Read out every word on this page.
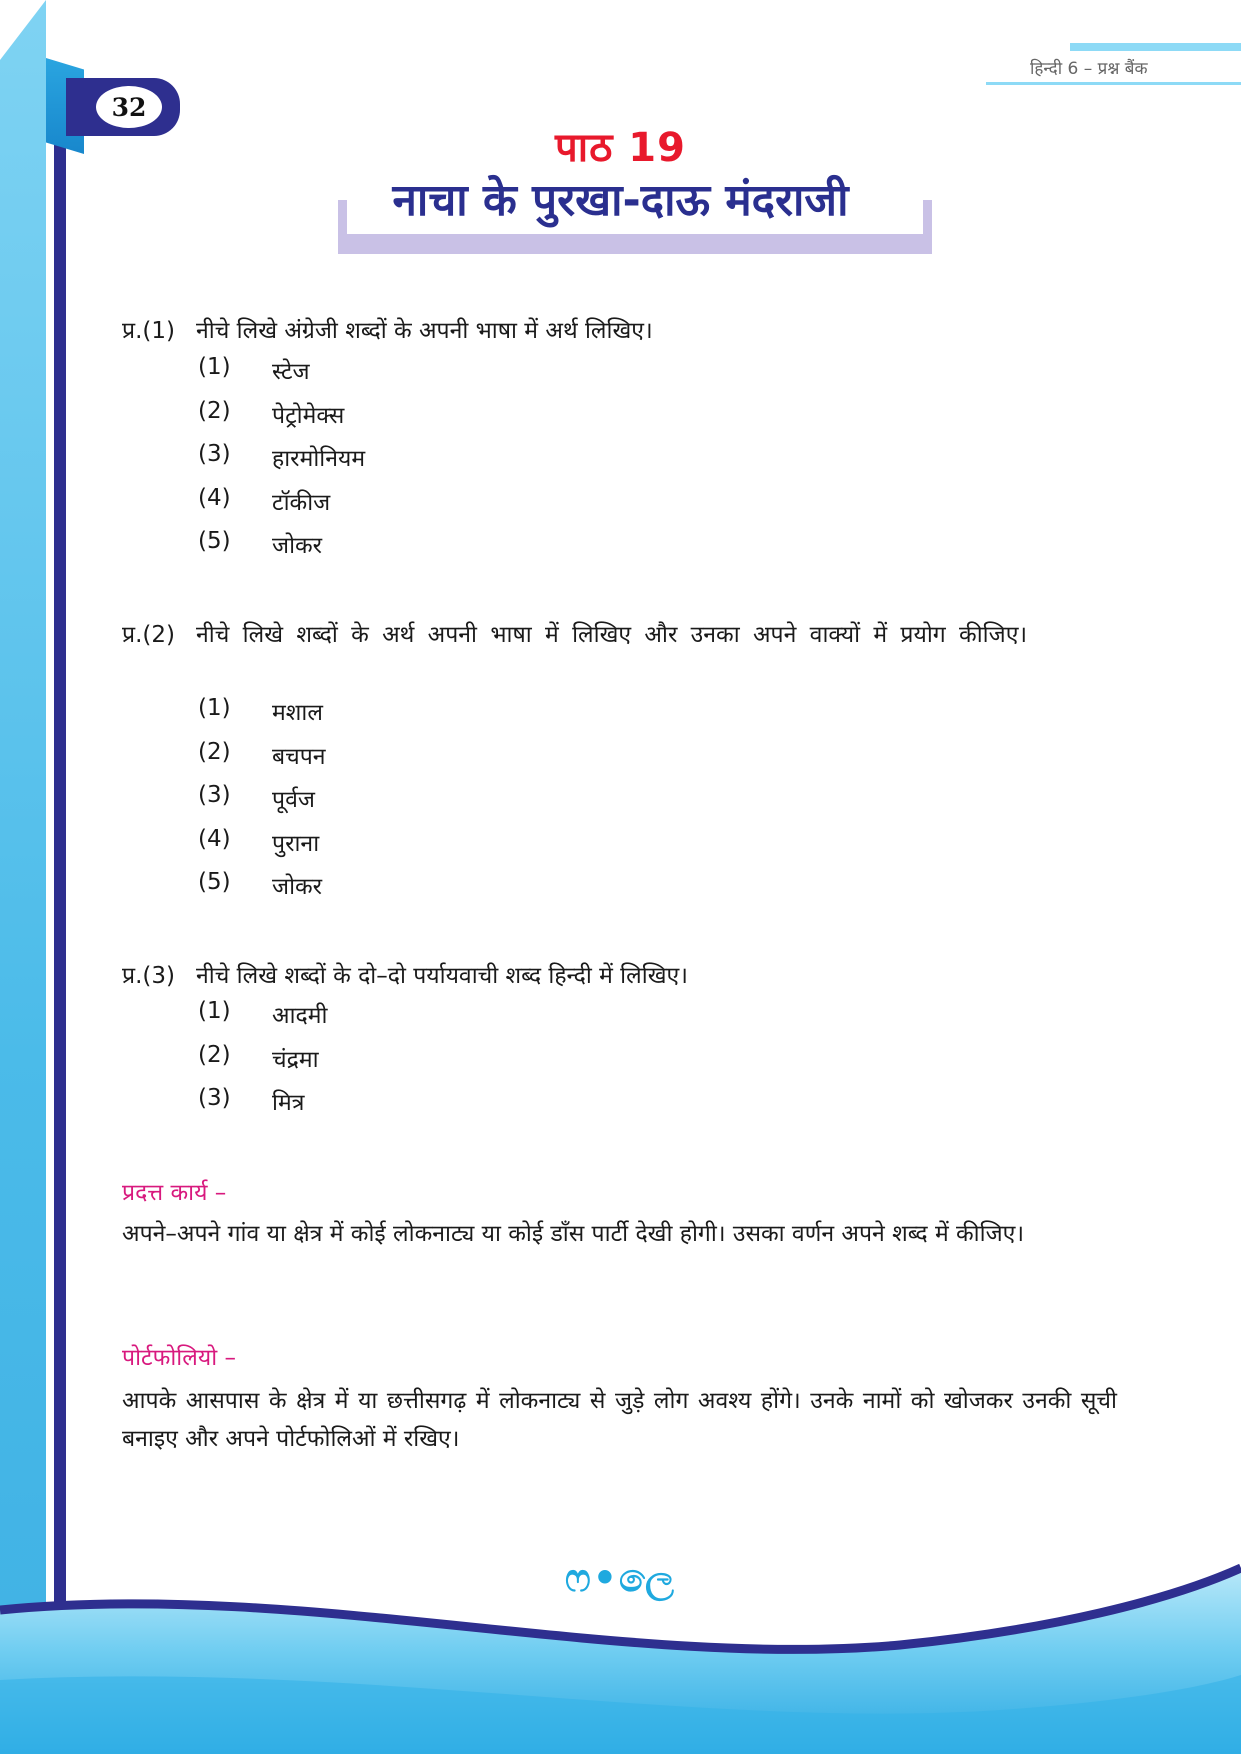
32
हिन्दी 6 – प्रश्न बैंक
पाठ 19
नाचा के पुरखा-दाऊ मंदराजी
प्र.(1) नीचे लिखे अंग्रेजी शब्दों के अपनी भाषा में अर्थ लिखिए।
(1) स्टेज
(2) पेट्रोमेक्स
(3) हारमोनियम
(4) टॉकीज
(5) जोकर
प्र.(2) नीचे लिखे शब्दों के अर्थ अपनी भाषा में लिखिए और उनका अपने वाक्यों में प्रयोग कीजिए।
(1) मशाल
(2) बचपन
(3) पूर्वज
(4) पुराना
(5) जोकर
प्र.(3) नीचे लिखे शब्दों के दो–दो पर्यायवाची शब्द हिन्दी में लिखिए।
(1) आदमी
(2) चंद्रमा
(3) मित्र
प्रदत्त कार्य –
अपने–अपने गांव या क्षेत्र में कोई लोकनाट्य या कोई डाँस पार्टी देखी होगी। उसका वर्णन अपने शब्द में कीजिए।
पोर्टफोलियो –
आपके आसपास के क्षेत्र में या छत्तीसगढ़ में लोकनाट्य से जुड़े लोग अवश्य होंगे। उनके नामों को खोजकर उनकी सूची बनाइए और अपने पोर्टफोलिओं में रखिए।
ෆ•ලෙ
